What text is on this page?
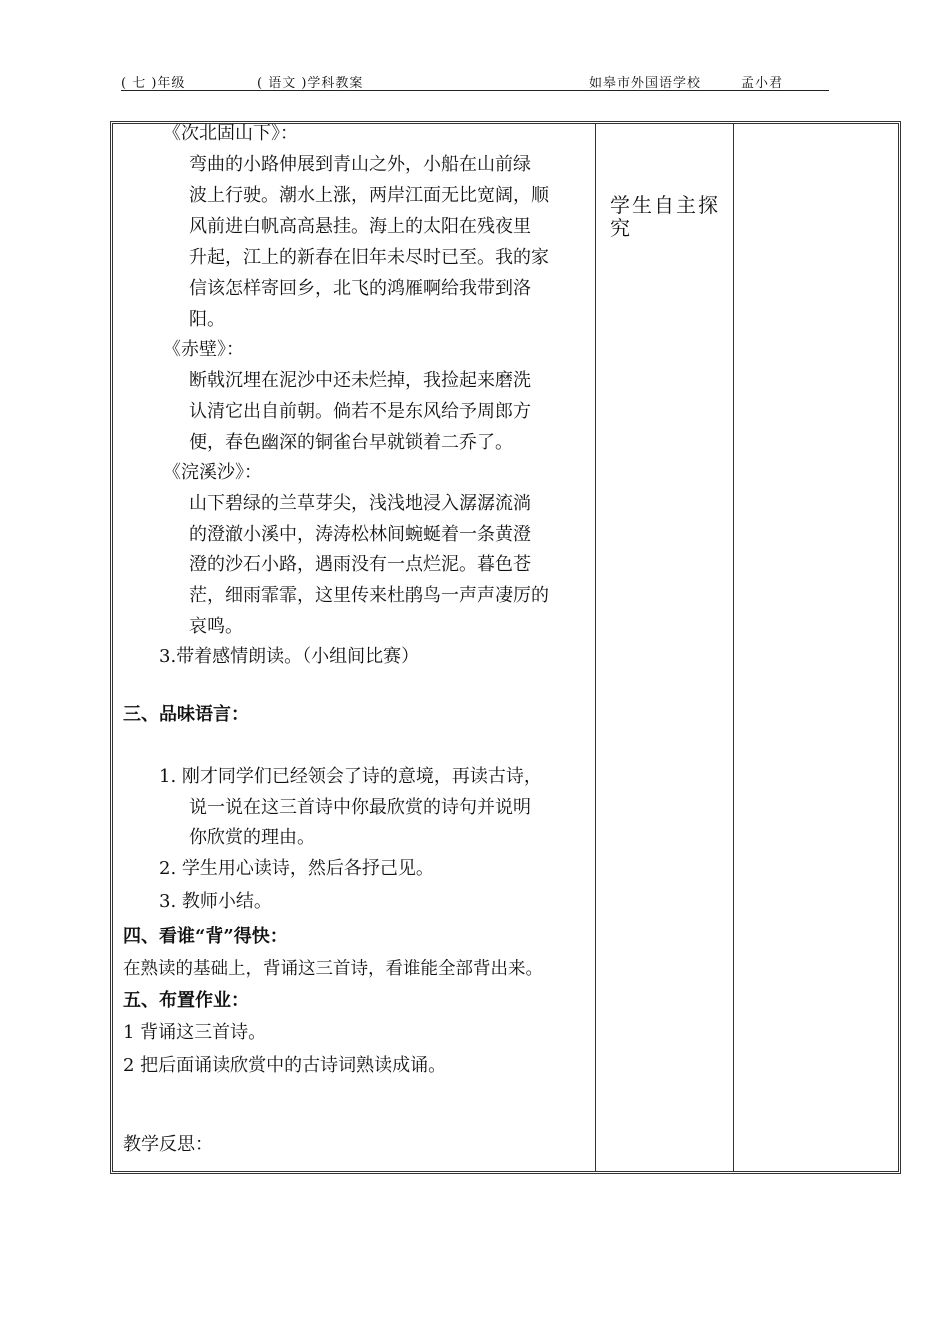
( 七 )年级	( 语文 )学科教案	如皋市外国语学校	孟小君
《次北固山下》：
弯曲的小路伸展到青山之外，小船在山前绿
波上行驶。潮水上涨，两岸江面无比宽阔，顺
风前进白帆高高悬挂。海上的太阳在残夜里
升起，江上的新春在旧年未尽时已至。我的家
信该怎样寄回乡，北飞的鸿雁啊给我带到洛
阳。
《赤壁》：
断戟沉埋在泥沙中还未烂掉，我捡起来磨洗
认清它出自前朝。倘若不是东风给予周郎方
便，春色幽深的铜雀台早就锁着二乔了。
《浣溪沙》：
山下碧绿的兰草芽尖，浅浅地浸入潺潺流淌
的澄澈小溪中，涛涛松林间蜿蜒着一条黄澄
澄的沙石小路，遇雨没有一点烂泥。暮色苍
茫，细雨霏霏，这里传来杜鹃鸟一声声凄厉的
哀鸣。
3.带着感情朗读。（小组间比赛）
三、品味语言：
1. 刚才同学们已经领会了诗的意境，再读古诗，
说一说在这三首诗中你最欣赏的诗句并说明
你欣赏的理由。
2. 学生用心读诗，然后各抒己见。
3. 教师小结。
四、看谁“背”得快：
在熟读的基础上，背诵这三首诗，看谁能全部背出来。
五、布置作业：
1 背诵这三首诗。
2 把后面诵读欣赏中的古诗词熟读成诵。
教学反思：
学生自主探究
